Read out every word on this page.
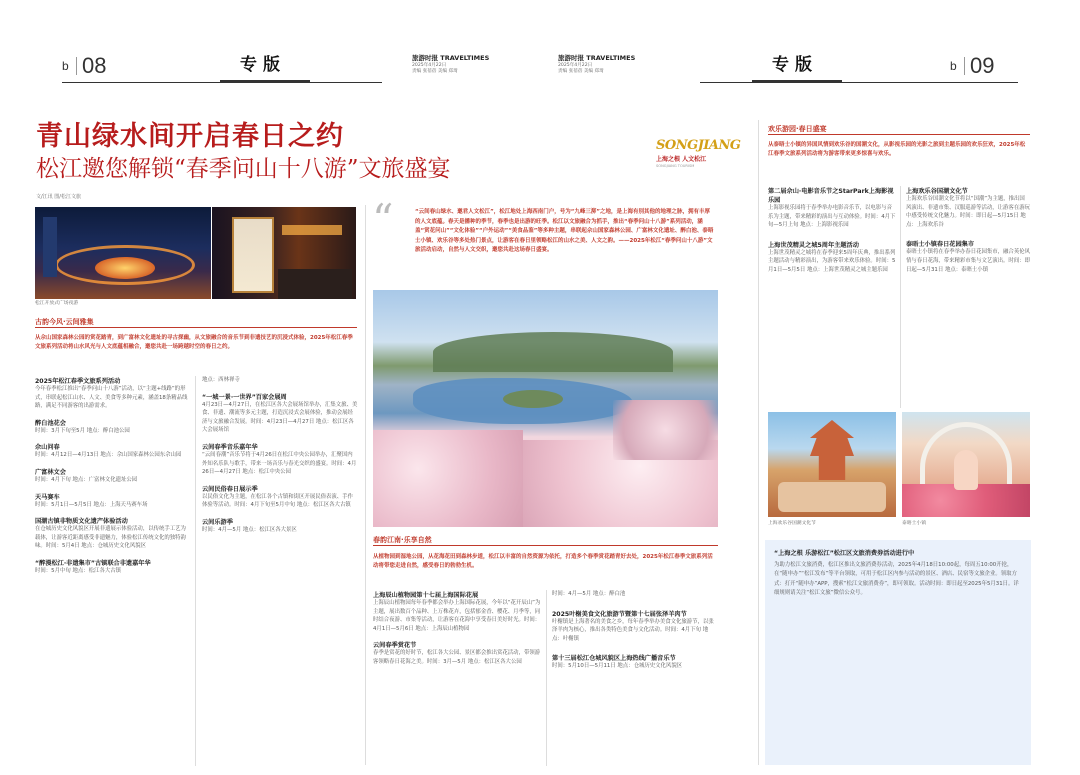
b 08	专版	旅游时报 TRAVELTIMES
2025年4月22日
责编 张蓓蓓 美编 郑琦
旅游时报 TRAVELTIMES
2025年4月22日
责编 张蓓蓓 美编 郑琦	专版	b 09
青山绿水间开启春日之约
松江邀您解锁“春季问山十八游”文旅盛宴
文/江讯 图/松江文旅
SONGJIANG
上海之根 人文松江
SONGJIANG TOURISM
松江开放式广场夜游
“	“云间春山绿水、邀君人文松江”，松江地处上海西南门户，号为“九峰三泖”之地，是上海有别其他的地理之脉，拥有丰厚的人文底蕴。春天是播种的季节，春季也是出游的旺季。松江以文旅融合为抓手，推出“春季问山十八游”系列活动，涵盖“赏花问山”“文化体验”“户外运动”“美食品鉴”等多种主题，串联起佘山国家森林公园、广富林文化遗址、醉白池、泰晤士小镇、欢乐谷等多处热门景点，让游客在春日里领略松江的山水之美、人文之韵。——2025年松江“春季问山十八游”文旅活动启动，自然与人文交织，邀您共赴这场春日盛宴。
古韵今风·云间雅集
从佘山国家森林公园的赏花踏青，到广富林文化遗址的寻古探幽，从文旅融合的音乐节到非遗技艺的沉浸式体验，2025年松江春季文旅系列活动将山水风光与人文底蕴相融合，邀您共赴一场跨越时空的春日之约。
2025年松江春季文旅系列活动
今年春季松江推出“春季问山十八游”活动，以“主题+线路”的形式，串联起松江山水、人文、美食等多种元素，涵盖18条精品线路，满足不同游客的出游需求。
醉白池花会
时间：3月下旬至5月 地点：醉白池公园
佘山问春
时间：4月12日—4月13日 地点：佘山国家森林公园东佘山园
广富林文会
时间：4月下旬 地点：广富林文化遗址公园
天马赛车
时间：5月1日—5月5日 地点：上海天马赛车场
国潮古镇非物质文化遗产体验活动
在仓城历史文化风貌区开展非遗展示体验活动，以传统手工艺为载体，让游客近距离感受非遗魅力，体验松江传统文化的独特韵味。时间：5月4日 地点：仓城历史文化风貌区
“醉漫松江·非遗集市”古镇联合非遗嘉年华
时间：5月中旬 地点：松江各大古镇
地点：西林禅寺
“一城一景·一世界”百家会展周
4月23日—4月27日，在松江区各大会展场馆举办，汇集文旅、美食、非遗、潮流等多元主题，打造沉浸式会展体验，推动会展经济与文旅融合发展。时间：4月23日—4月27日 地点：松江区各大会展场馆
云间春季音乐嘉年华
“云间春潮”音乐节将于4月26日在松江中央公园举办，汇聚国内外知名乐队与歌手，带来一场音乐与春光交织的盛宴。时间：4月26日—4月27日 地点：松江中央公园
云间民俗春日展示季
以民俗文化为主题，在松江各个古镇和街区开展民俗表演、手作体验等活动。时间：4月下旬至5月中旬 地点：松江区各大古镇
云间乐游季
时间：4月—5月 地点：松江区各大景区
春韵江南·乐享自然
从植物园到湿地公园，从花海花田到森林步道，松江以丰富的自然资源为依托，打造多个春季赏花踏青好去处，2025年松江春季文旅系列活动将带您走进自然，感受春日的勃勃生机。
上海辰山植物园第十七届上海国际花展
上海辰山植物园每年春季都会举办上海国际花展，今年以“花开辰山”为主题，展出数百个品种、上万株花卉，包括郁金香、樱花、月季等，同时结合夜游、市集等活动，让游客在花海中享受春日美好时光。时间：4月1日—5月6日 地点：上海辰山植物园
云间春季赏花节
春季是赏花的好时节，松江各大公园、景区都会推出赏花活动，带领游客领略春日花海之美。时间：3月—5月 地点：松江区各大公园
时间：4月—5月 地点：醉白池
2025叶榭美食文化旅游节暨第十七届张泽羊肉节
叶榭镇是上海著名的美食之乡，每年春季举办美食文化旅游节，以张泽羊肉为核心，推出各类特色美食与文化活动。时间：4月下旬 地点：叶榭镇
第十三届松江仓城风貌区上海热线广播音乐节
时间：5月10日—5月11日 地点：仓城历史文化风貌区
欢乐游园·春日盛宴
从泰晤士小镇的异国风情到欢乐谷的国潮文化，从影视乐园的光影之旅到主题乐园的欢乐狂欢，2025年松江春季文旅系列活动将为游客带来更多惊喜与欢乐。
第二届佘山·电影音乐节之StarPark上海影视乐园
上海影视乐园将于春季举办电影音乐节，以电影与音乐为主题，带来精彩的演出与互动体验。时间：4月下旬—5月上旬 地点：上海影视乐园
上海世茂精灵之城5周年主题活动
上海世茂精灵之城将在春季迎来5周年庆典，推出系列主题活动与精彩演出，为游客带来欢乐体验。时间：5月1日—5月5日 地点：上海世茂精灵之城主题乐园
上海欢乐谷国潮文化节
上海欢乐谷国潮文化节将以“国潮”为主题，推出国风演出、非遗市集、汉服巡游等活动，让游客在游玩中感受传统文化魅力。时间：即日起—5月15日 地点：上海欢乐谷
泰晤士小镇春日花园集市
泰晤士小镇将在春季举办春日花园集市，融合英伦风情与春日花海，带来精彩市集与文艺演出。时间：即日起—5月31日 地点：泰晤士小镇
上海欢乐谷国潮文化节	泰晤士小镇
“上海之根 乐游松江”松江区文旅消费券活动进行中
为助力松江文旅消费，松江区推出文旅消费券活动，2025年4月18日10:00起，每周五10:00开抢，在“随申办”“松江发布”等平台领取，可用于松江区内参与活动的景区、酒店、民宿等文旅企业。领取方式：打开“随申办”APP，搜索“松江文旅消费券”，即可领取。活动时间：即日起至2025年5月31日。详细规则请关注“松江文旅”微信公众号。
